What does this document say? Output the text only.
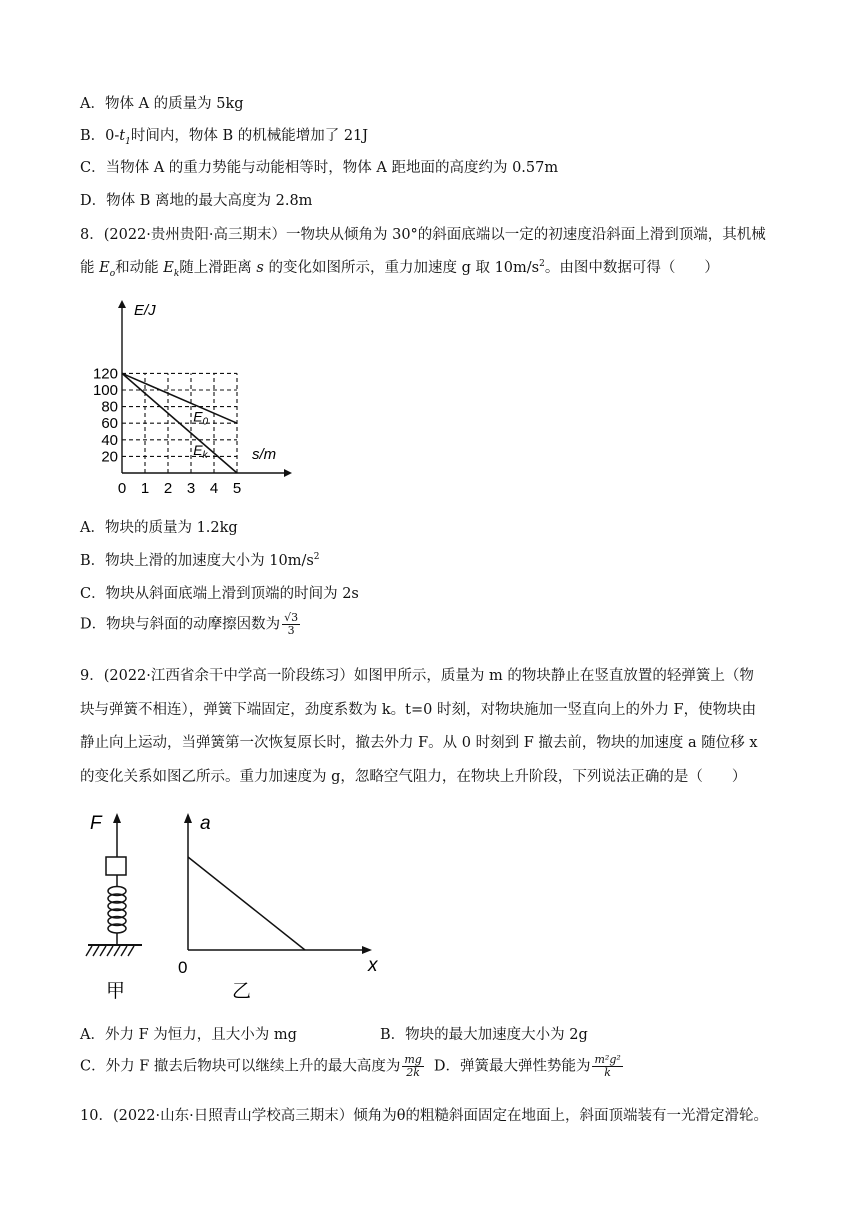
A．物体 A 的质量为 5kg
B．$0-t_1$时间内，物体 B 的机械能增加了 21J
C．当物体 A 的重力势能与动能相等时，物体 A 距地面的高度约为 0.57m
D．物体 B 离地的最大高度为 2.8m
8．(2022·贵州贵阳·高三期末）一物块从倾角为 30°的斜面底端以一定的初速度沿斜面上滑到顶端，其机械
能 $E_o$和动能 $E_k$随上滑距离 s 的变化如图所示，重力加速度 g 取 $10m/s^2$。由图中数据可得（　　）
0 1 2 3 4 5
20
40
60
80
100
120
$E_0$
$E_k$
E/J
s/m
A．物块的质量为 1.2kg
B．物块上滑的加速度大小为 $10m/s^2$
C．物块从斜面底端上滑到顶端的时间为 2s
D．物块与斜面的动摩擦因数为 $\frac{√3}{3}$
9．(2022·江西省余干中学高一阶段练习）如图甲所示，质量为 m 的物块静止在竖直放置的轻弹簧上（物
块与弹簧不相连），弹簧下端固定，劲度系数为 k。t=0 时刻，对物块施加一竖直向上的外力 F，使物块由
静止向上运动，当弹簧第一次恢复原长时，撤去外力 F。从 0 时刻到 F 撤去前，物块的加速度 a 随位移 x
的变化关系如图乙所示。重力加速度为 g，忽略空气阻力，在物块上升阶段，下列说法正确的是（　　）
F
甲
a
x
0
乙
A．外力 F 为恒力，且大小为 mg	B．物块的最大加速度大小为 2g
C．外力 F 撤去后物块可以继续上升的最大高度为 $\frac{mg}{2k}$ D．弹簧最大弹性势能为 $\frac{\text{m²g²}}{k}$
10．(2022·山东·日照青山学校高三期末）倾角为θ的粗糙斜面固定在地面上，斜面顶端装有一光滑定滑轮。
